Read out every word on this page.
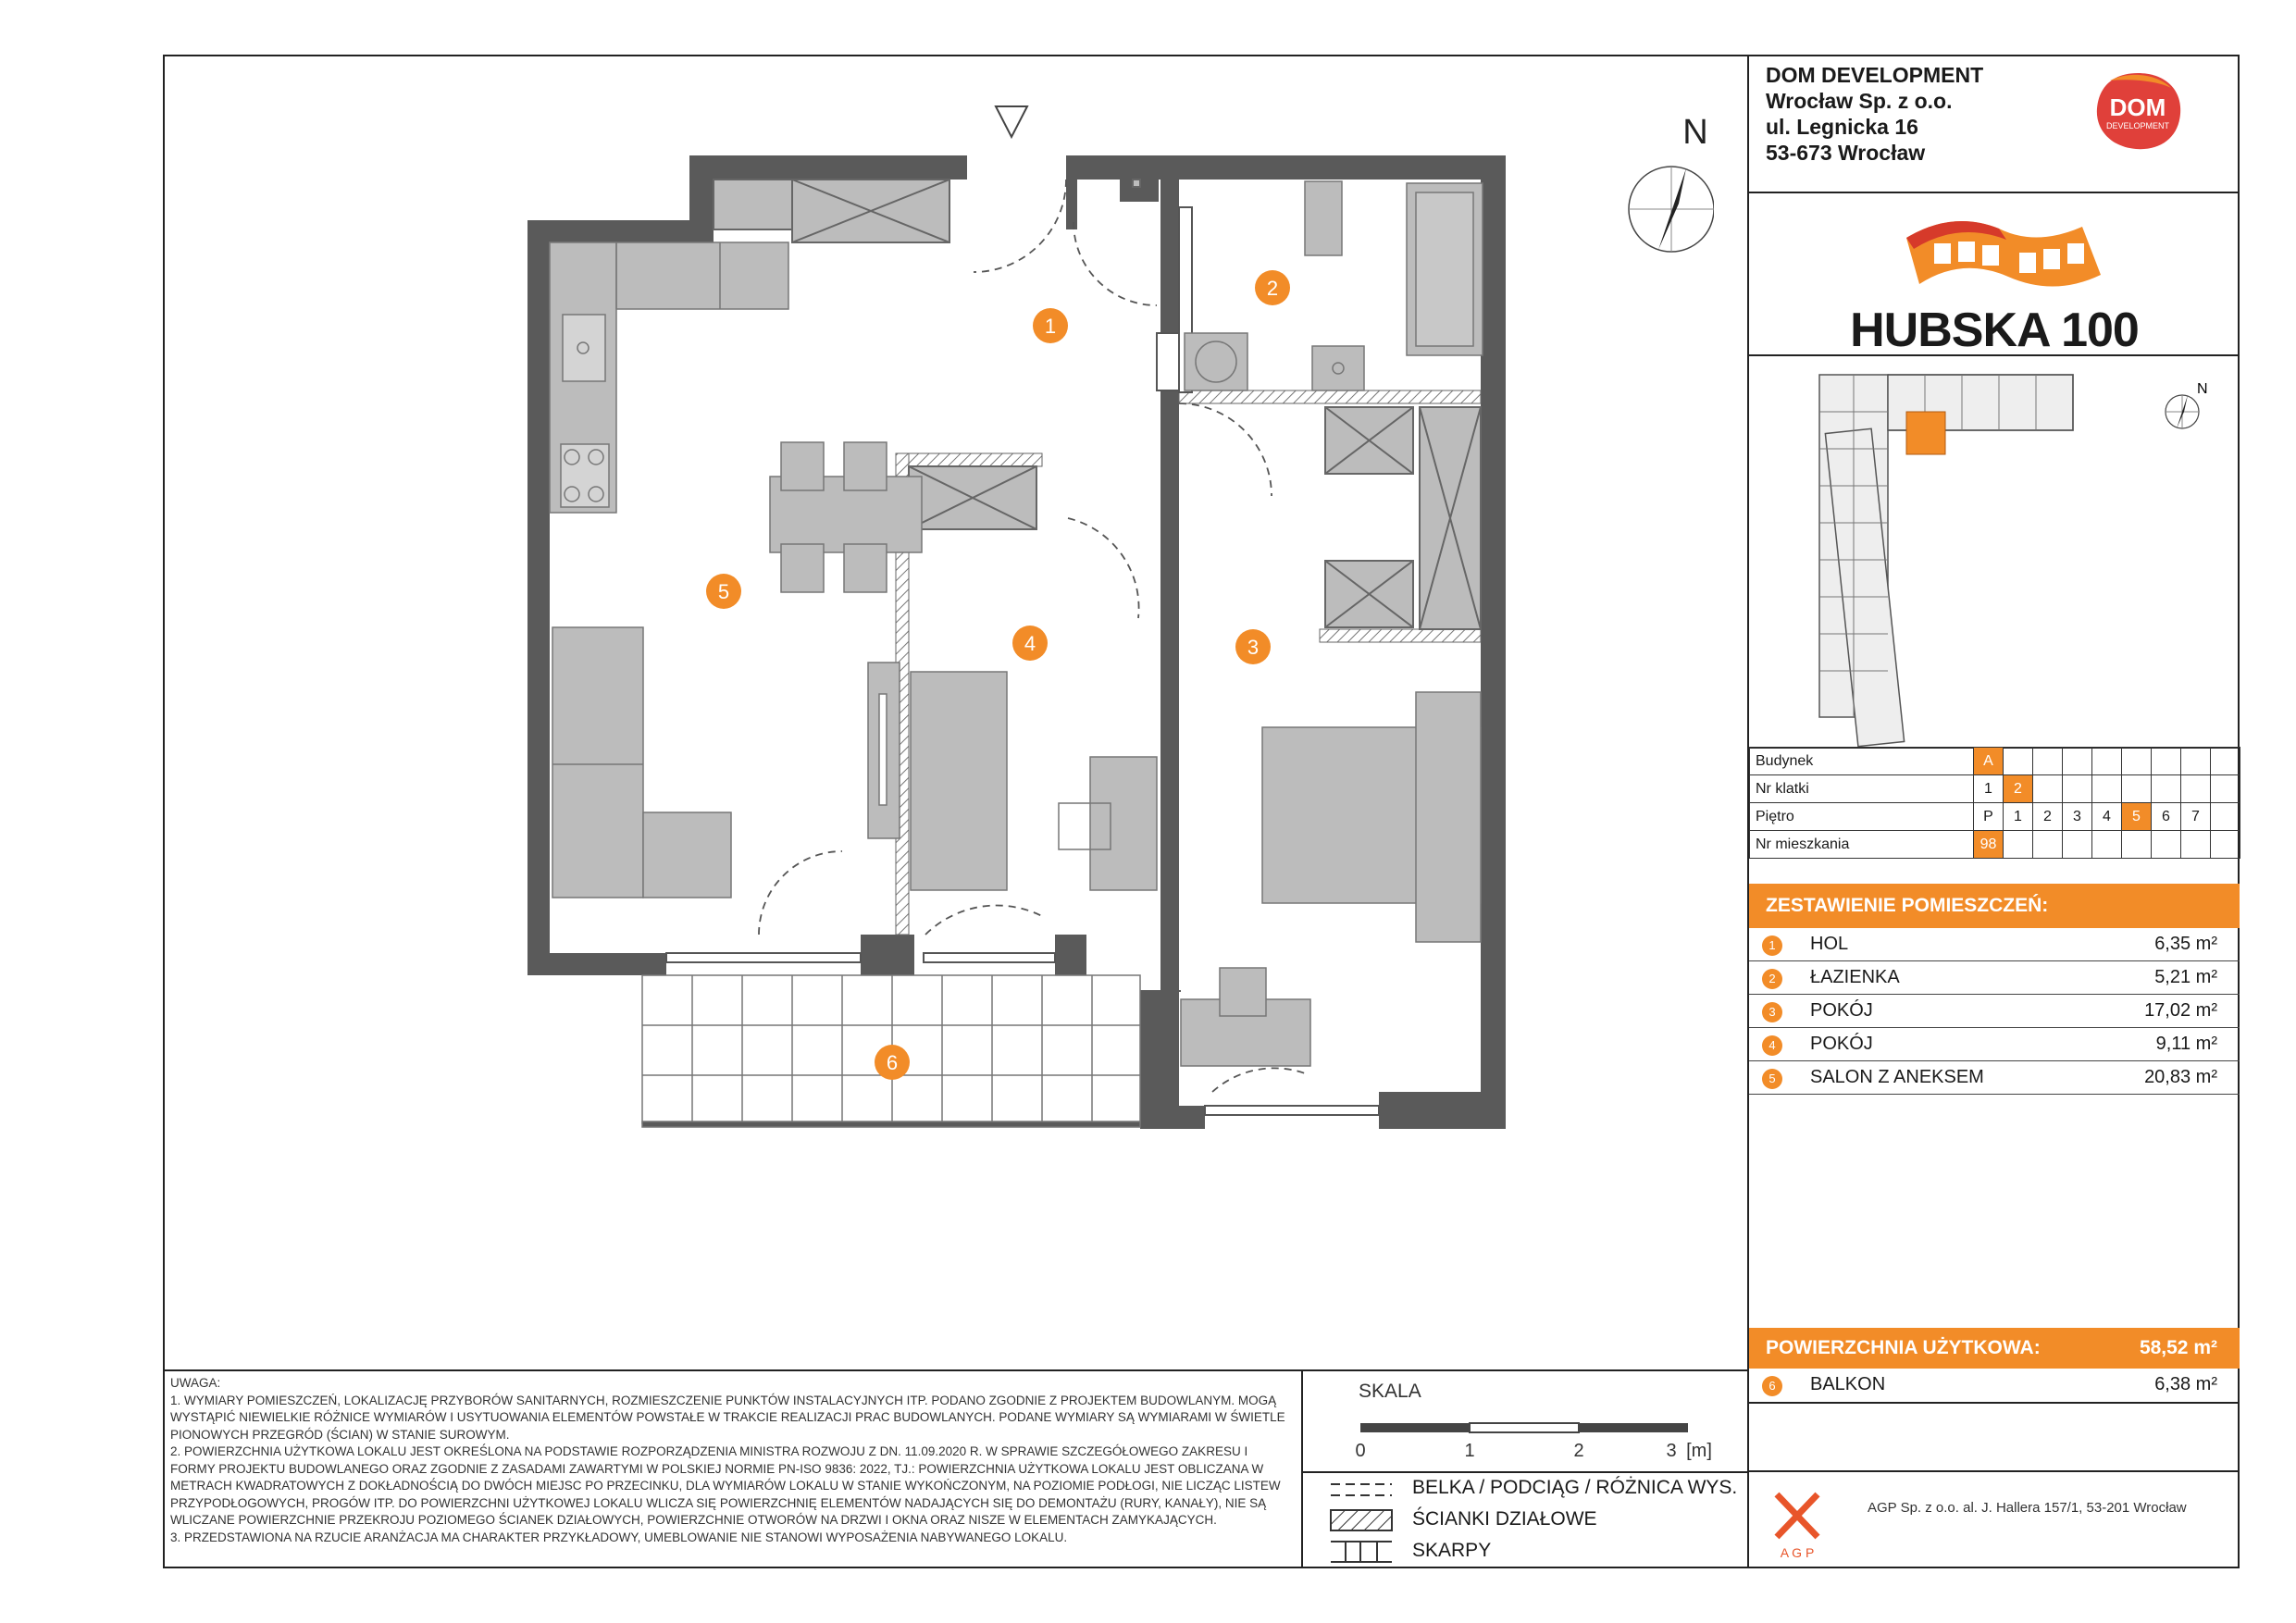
1
2
3
4
5
6
N
DOM DEVELOPMENT
Wrocław Sp. z o.o.
ul. Legnicka 16
53-673 Wrocław
DOM
DEVELOPMENT
HUBSKA 100
N
Budynek	A								
Nr klatki	1	2							
Piętro	P	1	2	3	4	5	6	7	
Nr mieszkania	98								
ZESTAWIENIE POMIESZCZEŃ:
1	HOL	6,35 m²
2	ŁAZIENKA	5,21 m²
3	POKÓJ	17,02 m²
4	POKÓJ	9,11 m²
5	SALON Z ANEKSEM	20,83 m²
POWIERZCHNIA UŻYTKOWA:	58,52 m²
6	BALKON	6,38 m²
A G P
AGP Sp. z o.o. al. J. Hallera 157/1, 53-201 Wrocław
UWAGA:
1. WYMIARY POMIESZCZEŃ, LOKALIZACJĘ PRZYBORÓW SANITARNYCH, ROZMIESZCZENIE PUNKTÓW INSTALACYJNYCH ITP. PODANO ZGODNIE Z PROJEKTEM BUDOWLANYM. MOGĄ WYSTĄPIĆ NIEWIELKIE RÓŻNICE WYMIARÓW I USYTUOWANIA ELEMENTÓW POWSTAŁE W TRAKCIE REALIZACJI PRAC BUDOWLANYCH. PODANE WYMIARY SĄ WYMIARAMI W ŚWIETLE PIONOWYCH PRZEGRÓD (ŚCIAN) W STANIE SUROWYM.
2. POWIERZCHNIA UŻYTKOWA LOKALU JEST OKREŚLONA NA PODSTAWIE ROZPORZĄDZENIA MINISTRA ROZWOJU Z DN. 11.09.2020 R. W SPRAWIE SZCZEGÓŁOWEGO ZAKRESU I FORMY PROJEKTU BUDOWLANEGO ORAZ ZGODNIE Z ZASADAMI ZAWARTYMI W POLSKIEJ NORMIE PN-ISO 9836: 2022, TJ.: POWIERZCHNIA UŻYTKOWA LOKALU JEST OBLICZANA W METRACH KWADRATOWYCH Z DOKŁADNOŚCIĄ DO DWÓCH MIEJSC PO PRZECINKU, DLA WYMIARÓW LOKALU W STANIE WYKOŃCZONYM, NA POZIOMIE PODŁOGI, NIE LICZĄC LISTEW PRZYPODŁOGOWYCH, PROGÓW ITP. DO POWIERZCHNI UŻYTKOWEJ LOKALU WLICZA SIĘ POWIERZCHNIĘ ELEMENTÓW NADAJĄCYCH SIĘ DO DEMONTAŻU (RURY, KANAŁY), NIE SĄ WLICZANE POWIERZCHNIE PRZEKROJU POZIOMEGO ŚCIANEK DZIAŁOWYCH, POWIERZCHNIE OTWORÓW NA DRZWI I OKNA ORAZ NISZE W ELEMENTACH ZAMYKAJĄCYCH.
3. PRZEDSTAWIONA NA RZUCIE ARANŻACJA MA CHARAKTER PRZYKŁADOWY, UMEBLOWANIE NIE STANOWI WYPOSAŻENIA NABYWANEGO LOKALU.
SKALA
0	1	2	3 [m]
BELKA / PODCIĄG / RÓŻNICA WYS.
ŚCIANKI DZIAŁOWE
SKARPY
